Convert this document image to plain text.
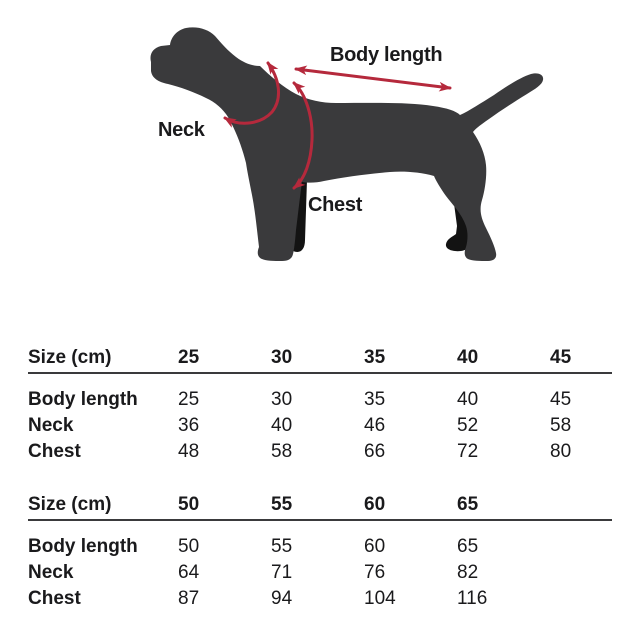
Body length
Neck
Chest
Size (cm)	25	30	35	40	45
Body length	25	30	35	40	45
Neck	36	40	46	52	58
Chest	48	58	66	72	80
Size (cm)	50	55	60	65
Body length	50	55	60	65
Neck	64	71	76	82
Chest	87	94	104	116
